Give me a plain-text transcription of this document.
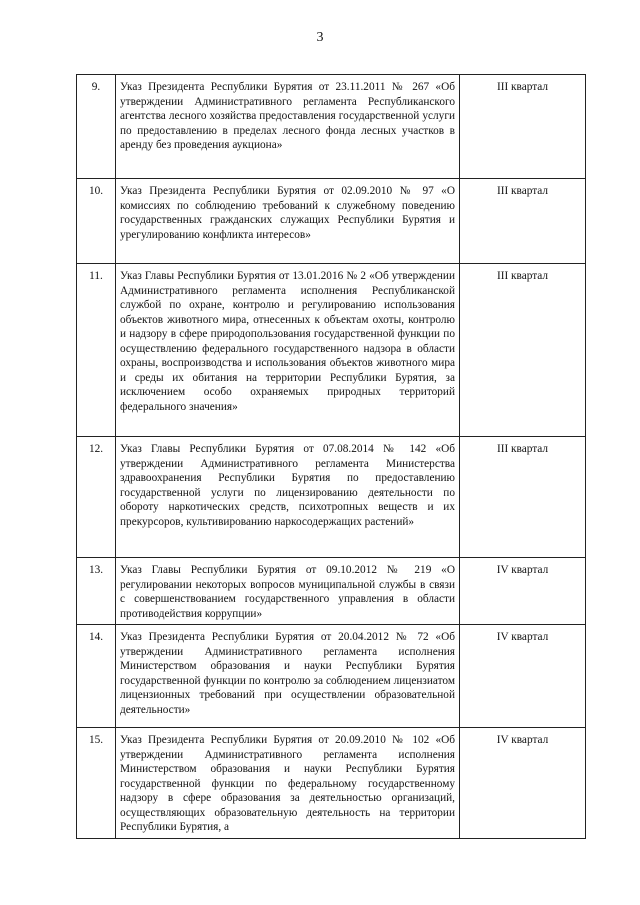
3
9.	Указ Президента Республики Бурятия от 23.11.2011 № 267 «Об утверждении Административного регламента Республиканского агентства лесного хозяйства предоставления государственной услуги по предоставлению в пределах лесного фонда лесных участков в аренду без проведения аукциона»	III квартал
10.	Указ Президента Республики Бурятия от 02.09.2010 № 97 «О комиссиях по соблюдению требований к служебному поведению государственных гражданских служащих Республики Бурятия и урегулированию конфликта интересов»	III квартал
11.	Указ Главы Республики Бурятия от 13.01.2016 № 2 «Об утверждении Административного регламента исполнения Республиканской службой по охране, контролю и регулированию использования объектов животного мира, отнесенных к объектам охоты, контролю и надзору в сфере природопользования государственной функции по осуществлению федерального государственного надзора в области охраны, воспроизводства и использования объектов животного мира и среды их обитания на территории Республики Бурятия, за исключением особо охраняемых природных территорий федерального значения»	III квартал
12.	Указ Главы Республики Бурятия от 07.08.2014 № 142 «Об утверждении Административного регламента Министерства здравоохранения Республики Бурятия по предоставлению государственной услуги по лицензированию деятельности по обороту наркотических средств, психотропных веществ и их прекурсоров, культивированию наркосодержащих растений»	III квартал
13.	Указ Главы Республики Бурятия от 09.10.2012 № 219 «О регулировании некоторых вопросов муниципальной службы в связи с совершенствованием государственного управления в области противодействия коррупции»	IV квартал
14.	Указ Президента Республики Бурятия от 20.04.2012 № 72 «Об утверждении Административного регламента исполнения Министерством образования и науки Республики Бурятия государственной функции по контролю за соблюдением лицензиатом лицензионных требований при осуществлении образовательной деятельности»	IV квартал
15.	Указ Президента Республики Бурятия от 20.09.2010 № 102 «Об утверждении Административного регламента исполнения Министерством образования и науки Республики Бурятия государственной функции по федеральному государственному надзору в сфере образования за деятельностью организаций, осуществляющих образовательную деятельность на территории Республики Бурятия, а	IV квартал
